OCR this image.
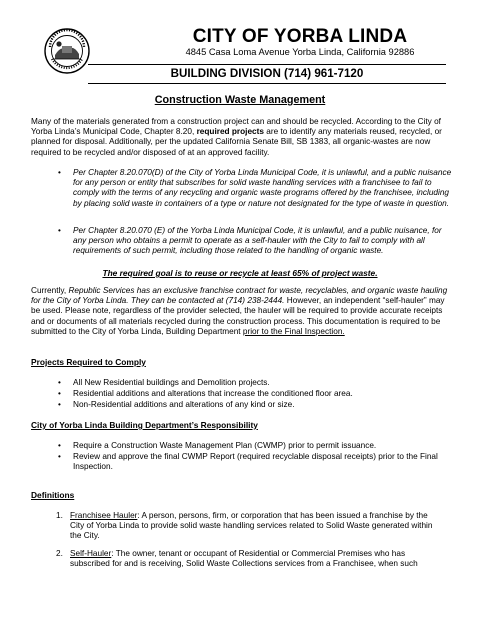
CITY OF YORBA LINDA
4845 Casa Loma Avenue Yorba Linda, California 92886
BUILDING DIVISION (714) 961-7120
Construction Waste Management
Many of the materials generated from a construction project can and should be recycled. According to the City of Yorba Linda’s Municipal Code, Chapter 8.20, required projects are to identify any materials reused, recycled, or planned for disposal. Additionally, per the updated California Senate Bill, SB 1383, all organic-wastes are now required to be recycled and/or disposed of at an approved facility.
• Per Chapter 8.20.070(D) of the City of Yorba Linda Municipal Code, it is unlawful, and a public nuisance for any person or entity that subscribes for solid waste handling services with a franchisee to fail to comply with the terms of any recycling and organic waste programs offered by the franchisee, including by placing solid waste in containers of a type or nature not designated for the type of waste in question.
• Per Chapter 8.20.070 (E) of the Yorba Linda Municipal Code, it is unlawful, and a public nuisance, for any person who obtains a permit to operate as a self-hauler with the City to fail to comply with all requirements of such permit, including those related to the handling of organic waste.
The required goal is to reuse or recycle at least 65% of project waste.
Currently, Republic Services has an exclusive franchise contract for waste, recyclables, and organic waste hauling for the City of Yorba Linda. They can be contacted at (714) 238-2444. However, an independent “self-hauler” may be used. Please note, regardless of the provider selected, the hauler will be required to provide accurate receipts and or documents of all materials recycled during the construction process. This documentation is required to be submitted to the City of Yorba Linda, Building Department prior to the Final Inspection.
Projects Required to Comply
• All New Residential buildings and Demolition projects.
• Residential additions and alterations that increase the conditioned floor area.
• Non-Residential additions and alterations of any kind or size.
City of Yorba Linda Building Department’s Responsibility
• Require a Construction Waste Management Plan (CWMP) prior to permit issuance.
• Review and approve the final CWMP Report (required recyclable disposal receipts) prior to the Final Inspection.
Definitions
1. Franchisee Hauler: A person, persons, firm, or corporation that has been issued a franchise by the City of Yorba Linda to provide solid waste handling services related to Solid Waste generated within the City.
2. Self-Hauler: The owner, tenant or occupant of Residential or Commercial Premises who has subscribed for and is receiving, Solid Waste Collections services from a Franchisee, when such
